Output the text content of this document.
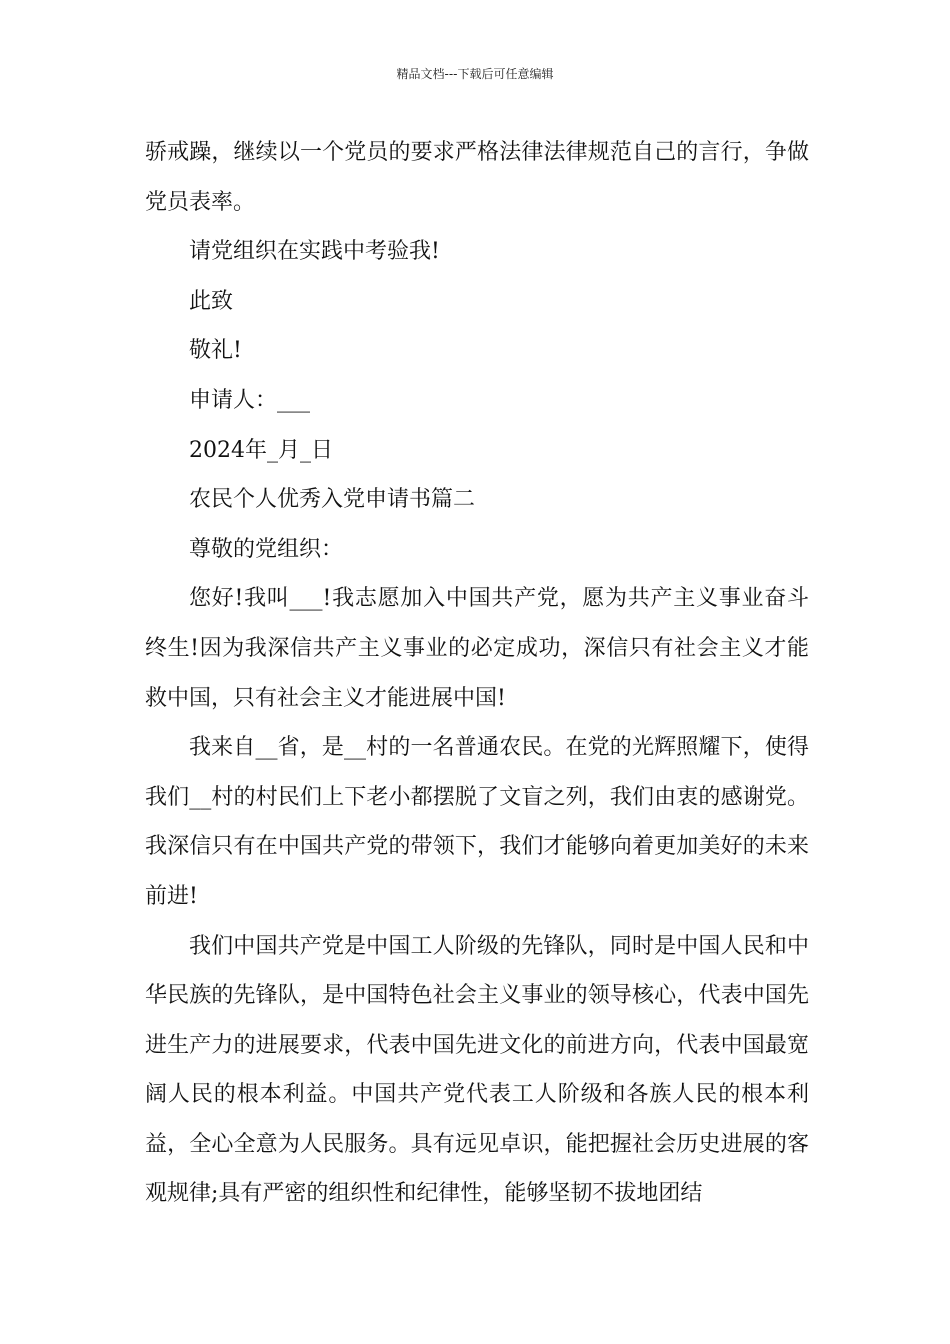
精品文档---下载后可任意编辑

骄戒躁，继续以一个党员的要求严格法律法律规范自己的言行，争做党员表率。

请党组织在实践中考验我!

此致

敬礼!

申请人：___

2024年_月_日

农民个人优秀入党申请书篇二

尊敬的党组织：

您好!我叫___!我志愿加入中国共产党，愿为共产主义事业奋斗终生!因为我深信共产主义事业的必定成功，深信只有社会主义才能救中国，只有社会主义才能进展中国!

我来自__省，是__村的一名普通农民。在党的光辉照耀下，使得我们__村的村民们上下老小都摆脱了文盲之列，我们由衷的感谢党。我深信只有在中国共产党的带领下，我们才能够向着更加美好的未来前进!

我们中国共产党是中国工人阶级的先锋队，同时是中国人民和中华民族的先锋队，是中国特色社会主义事业的领导核心，代表中国先进生产力的进展要求，代表中国先进文化的前进方向，代表中国最宽阔人民的根本利益。中国共产党代表工人阶级和各族人民的根本利益，全心全意为人民服务。具有远见卓识，能把握社会历史进展的客观规律;具有严密的组织性和纪律性，能够坚韧不拔地团结
